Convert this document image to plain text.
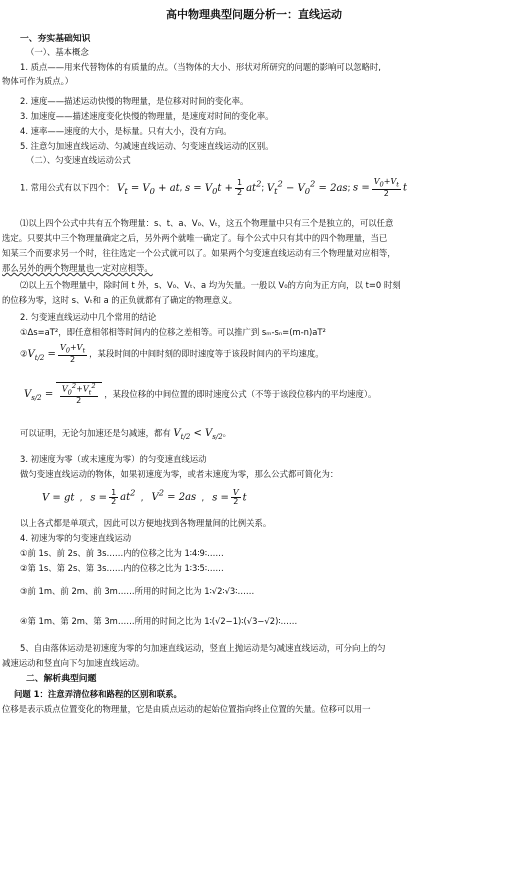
高中物理典型问题分析一：直线运动
一、夯实基础知识
（一）、基本概念
1. 质点——用来代替物体的有质量的点。（当物体的大小、形状对所研究的问题的影响可以忽略时,
物体可作为质点。）
2. 速度——描述运动快慢的物理量，是位移对时间的变化率。
3. 加速度——描述速度变化快慢的物理量，是速度对时间的变化率。
4. 速率——速度的大小，是标量。只有大小，没有方向。
5. 注意匀加速直线运动、匀减速直线运动、匀变速直线运动的区别。
（二）、匀变速直线运动公式
1. 常用公式有以下四个： $V_t = V_0$ + at, $s = V_0t + \frac{1}{2} at^2$; $V_t^2 - V_0^2 = 2as$; $s = \frac{V_0+V_t}{2}$ t
⑴以上四个公式中共有五个物理量：s、t、a、V₀、Vₜ，这五个物理量中只有三个是独立的，可以任意
选定。只要其中三个物理量确定之后，另外两个就唯一确定了。每个公式中只有其中的四个物理量，当已
知某三个而要求另一个时，往往选定一个公式就可以了。如果两个匀变速直线运动有三个物理量对应相等，
那么另外的两个物理量也一定对应相等。
⑵以上五个物理量中，除时间 t 外，s、V₀、Vₜ、a 均为矢量。一般以 V₀的方向为正方向，以 t=0 时刻
的位移为零，这时 s、Vₜ和 a 的正负就都有了确定的物理意义。
2. 匀变速直线运动中几个常用的结论
①Δs=aT²，即任意相邻相等时间内的位移之差相等。可以推广到 sₘ-sₙ=(m-n)aT²
$②V_{t/2} = \frac{V_0+V_t}{2}$ ，某段时间的中间时刻的即时速度等于该段时间内的平均速度。
$V_{s/2} = \frac{V_0^2+V_t^2}{2}$ ，某段位移的中间位置的即时速度公式（不等于该段位移内的平均速度）。
可以证明，无论匀加速还是匀减速，都有 $V_{t/2} < V_{s/2}$。
3. 初速度为零（或末速度为零）的匀变速直线运动
做匀变速直线运动的物体，如果初速度为零，或者末速度为零，那么公式都可简化为：
V = gt  ,   $s = \frac{1}{2} at^2$  ,   $V^2 = 2as$  ,   $s = \frac{V}{2}$ t
以上各式都是单项式，因此可以方便地找到各物理量间的比例关系。
4. 初速为零的匀变速直线运动
①前 1s、前 2s、前 3s……内的位移之比为 1∶4∶9∶……
②第 1s、第 2s、第 3s……内的位移之比为 1∶3∶5∶……
③前 1m、前 2m、前 3m……所用的时间之比为 1∶√2∶√3∶……
④第 1m、第 2m、第 3m……所用的时间之比为 1∶(√2−1)∶(√3−√2)∶……
5、自由落体运动是初速度为零的匀加速直线运动，竖直上抛运动是匀减速直线运动，可分向上的匀
减速运动和竖直向下匀加速直线运动。
二、解析典型问题
问题 1：注意弄清位移和路程的区别和联系。
位移是表示质点位置变化的物理量，它是由质点运动的起始位置指向终止位置的矢量。位移可以用一
